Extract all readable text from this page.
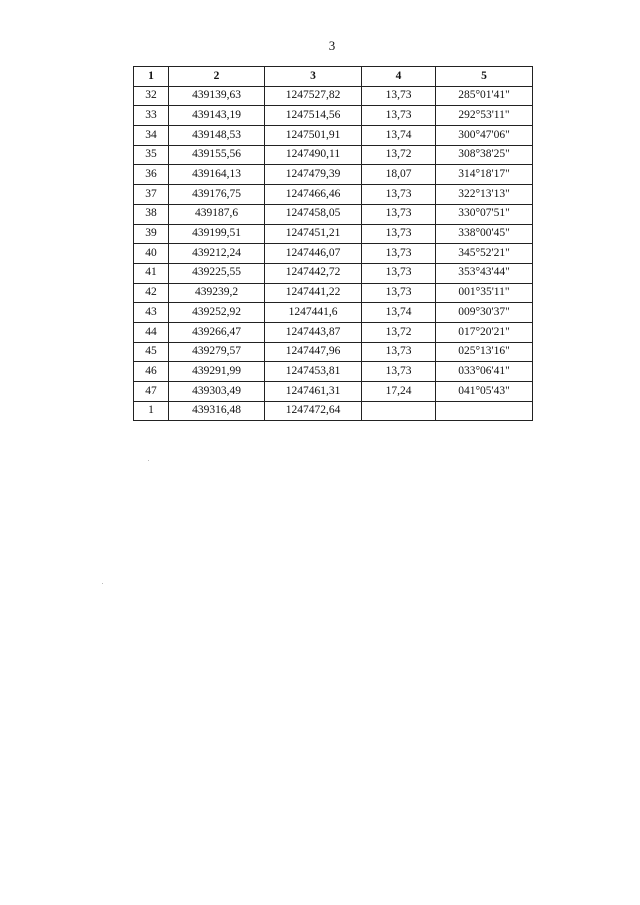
3
1	2	3	4	5
32	439139,63	1247527,82	13,73	285°01'41"
33	439143,19	1247514,56	13,73	292°53'11"
34	439148,53	1247501,91	13,74	300°47'06"
35	439155,56	1247490,11	13,72	308°38'25"
36	439164,13	1247479,39	18,07	314°18'17"
37	439176,75	1247466,46	13,73	322°13'13"
38	439187,6	1247458,05	13,73	330°07'51"
39	439199,51	1247451,21	13,73	338°00'45"
40	439212,24	1247446,07	13,73	345°52'21"
41	439225,55	1247442,72	13,73	353°43'44"
42	439239,2	1247441,22	13,73	001°35'11"
43	439252,92	1247441,6	13,74	009°30'37"
44	439266,47	1247443,87	13,72	017°20'21"
45	439279,57	1247447,96	13,73	025°13'16"
46	439291,99	1247453,81	13,73	033°06'41"
47	439303,49	1247461,31	17,24	041°05'43"
1	439316,48	1247472,64		
